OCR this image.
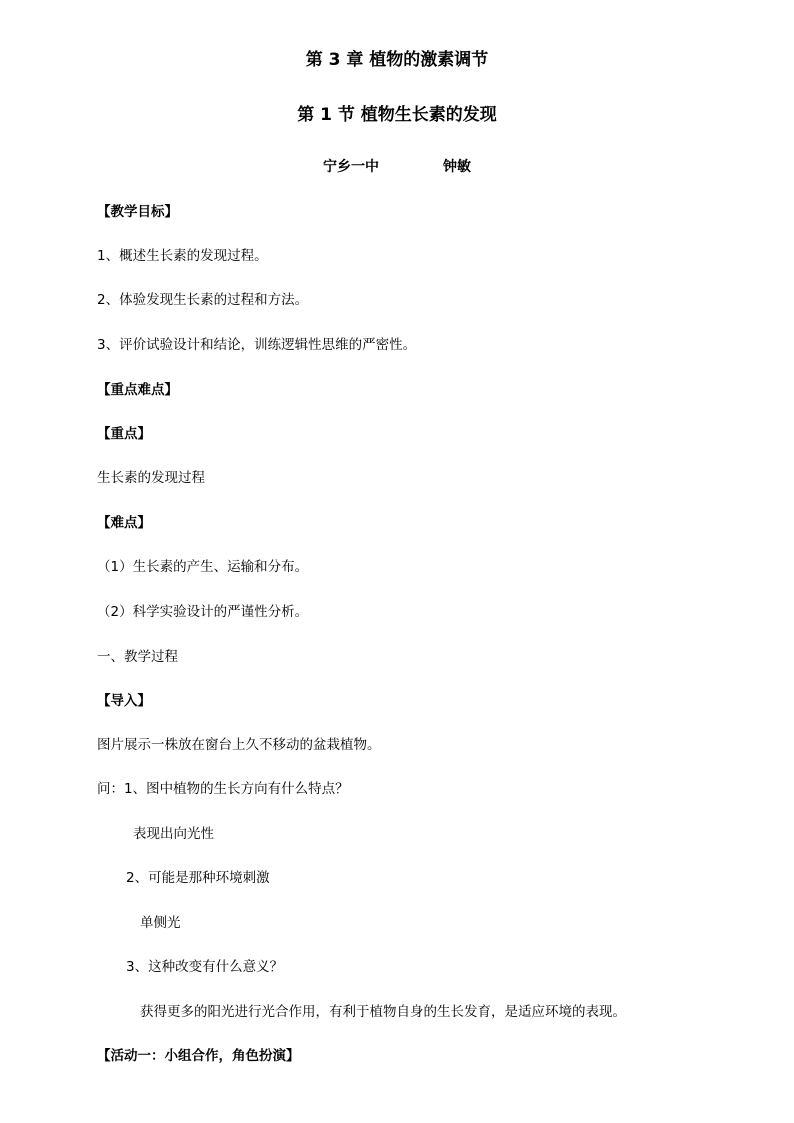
第 3 章 植物的激素调节
第 1 节 植物生长素的发现
宁乡一中	钟敏
【教学目标】
1、概述生长素的发现过程。
2、体验发现生长素的过程和方法。
3、评价试验设计和结论，训练逻辑性思维的严密性。
【重点难点】
【重点】
生长素的发现过程
【难点】
（1）生长素的产生、运输和分布。
（2）科学实验设计的严谨性分析。
一、教学过程
【导入】
图片展示一株放在窗台上久不移动的盆栽植物。
问：1、图中植物的生长方向有什么特点？
表现出向光性
2、可能是那种环境刺激
单侧光
3、这种改变有什么意义？
获得更多的阳光进行光合作用，有利于植物自身的生长发育，是适应环境的表现。
【活动一：小组合作，角色扮演】
